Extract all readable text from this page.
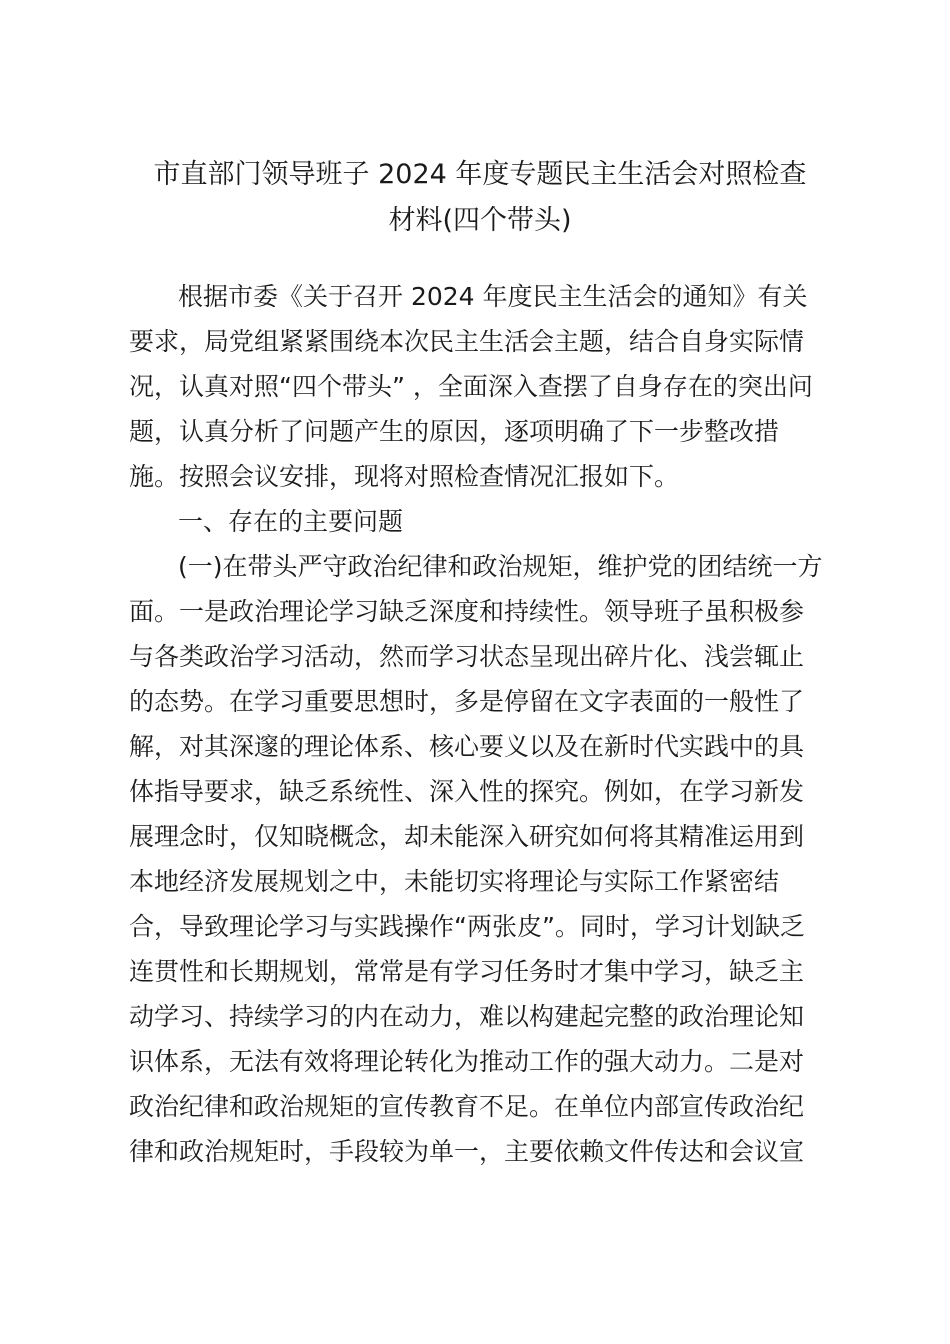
市直部门领导班子 2024 年度专题民主生活会对照检查
材料(四个带头)

根据市委《关于召开 2024 年度民主生活会的通知》有关

要求，局党组紧紧围绕本次民主生活会主题，结合自身实际情

况，认真对照“四个带头” ，全面深入查摆了自身存在的突出问

题，认真分析了问题产生的原因，逐项明确了下一步整改措

施。按照会议安排，现将对照检查情况汇报如下。

一、存在的主要问题

(一)在带头严守政治纪律和政治规矩，维护党的团结统一方

面。一是政治理论学习缺乏深度和持续性。领导班子虽积极参

与各类政治学习活动，然而学习状态呈现出碎片化、浅尝辄止

的态势。在学习重要思想时，多是停留在文字表面的一般性了

解，对其深邃的理论体系、核心要义以及在新时代实践中的具

体指导要求，缺乏系统性、深入性的探究。例如，在学习新发

展理念时，仅知晓概念，却未能深入研究如何将其精准运用到

本地经济发展规划之中，未能切实将理论与实际工作紧密结

合，导致理论学习与实践操作“两张皮”。同时，学习计划缺乏

连贯性和长期规划，常常是有学习任务时才集中学习，缺乏主

动学习、持续学习的内在动力，难以构建起完整的政治理论知

识体系，无法有效将理论转化为推动工作的强大动力。二是对

政治纪律和政治规矩的宣传教育不足。在单位内部宣传政治纪

律和政治规矩时，手段较为单一，主要依赖文件传达和会议宣
